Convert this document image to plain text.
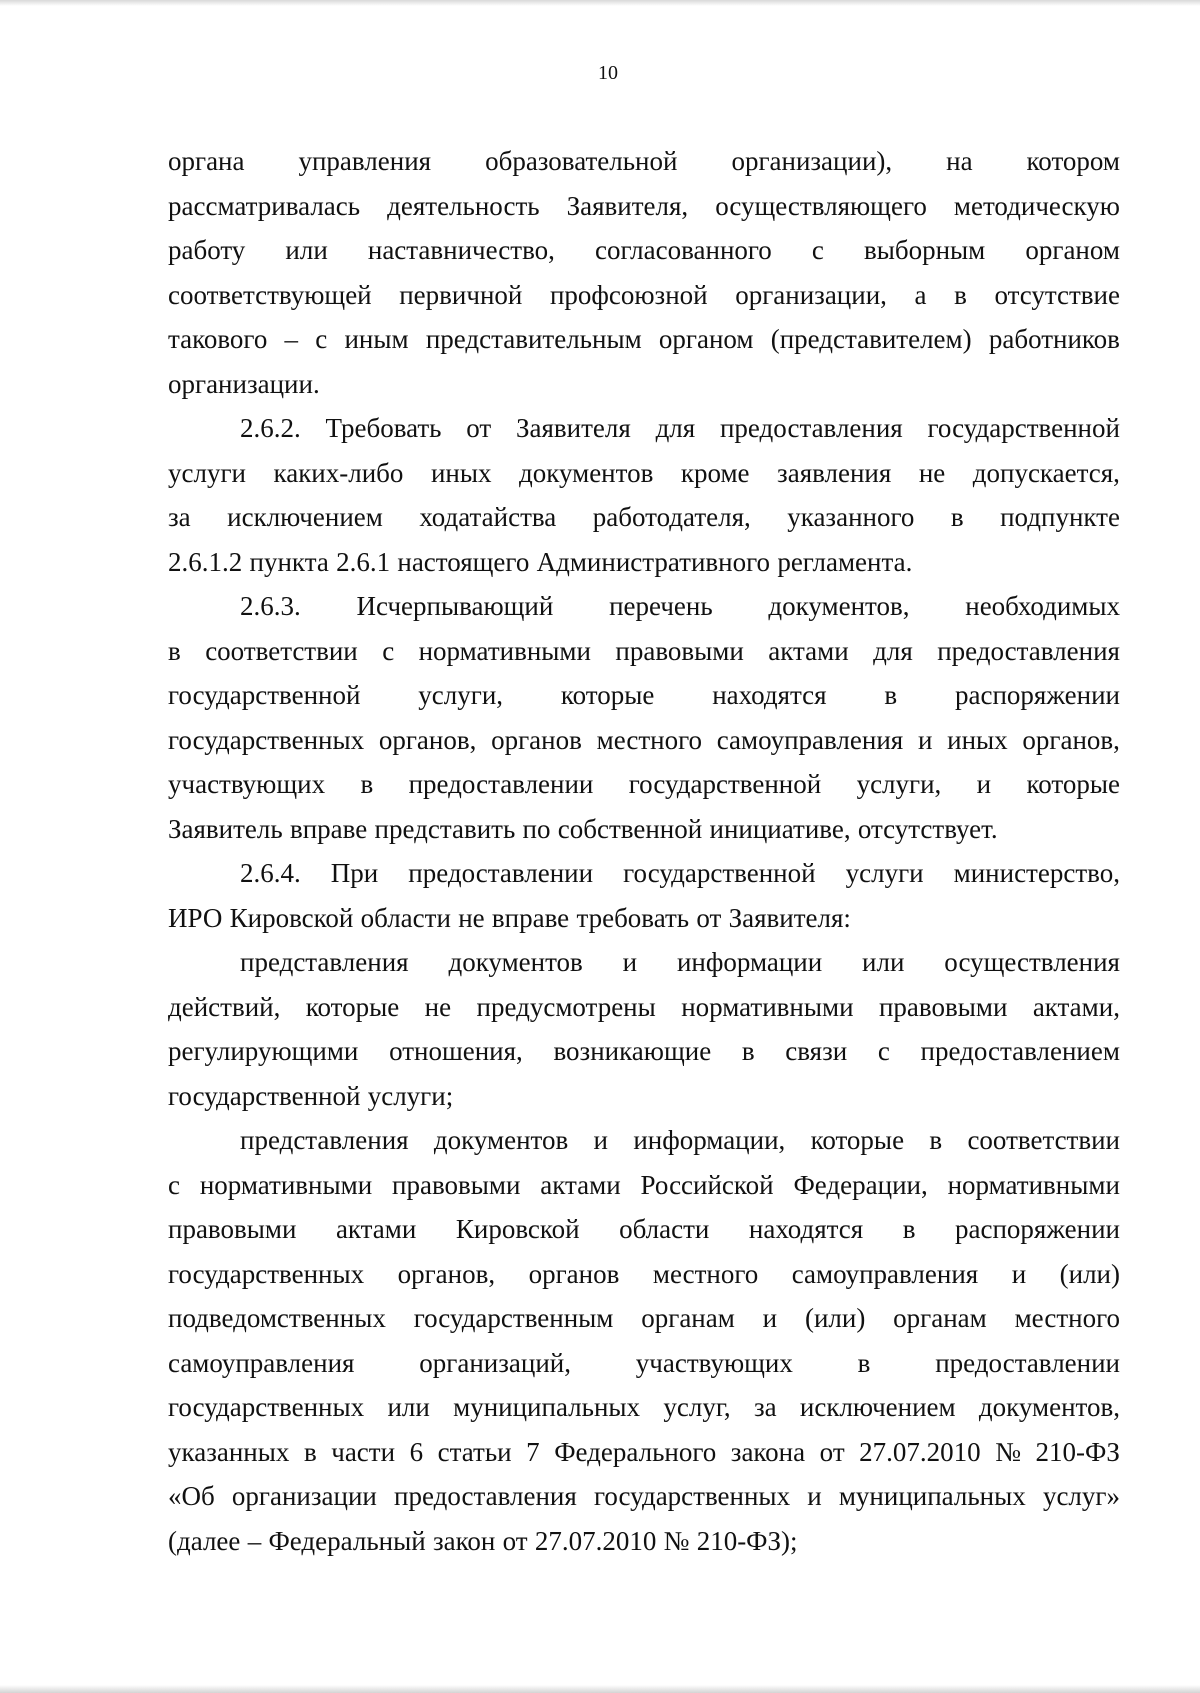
10
органа управления образовательной организации), на котором
рассматривалась деятельность Заявителя, осуществляющего методическую
работу или наставничество, согласованного с выборным органом
соответствующей первичной профсоюзной организации, а в отсутствие
такового – с иным представительным органом (представителем) работников
организации.
2.6.2. Требовать от Заявителя для предоставления государственной
услуги каких-либо иных документов кроме заявления не допускается,
за исключением ходатайства работодателя, указанного в подпункте
2.6.1.2 пункта 2.6.1 настоящего Административного регламента.
2.6.3. Исчерпывающий перечень документов, необходимых
в соответствии с нормативными правовыми актами для предоставления
государственной услуги, которые находятся в распоряжении
государственных органов, органов местного самоуправления и иных органов,
участвующих в предоставлении государственной услуги, и которые
Заявитель вправе представить по собственной инициативе, отсутствует.
2.6.4. При предоставлении государственной услуги министерство,
ИРО Кировской области не вправе требовать от Заявителя:
представления документов и информации или осуществления
действий, которые не предусмотрены нормативными правовыми актами,
регулирующими отношения, возникающие в связи с предоставлением
государственной услуги;
представления документов и информации, которые в соответствии
с нормативными правовыми актами Российской Федерации, нормативными
правовыми актами Кировской области находятся в распоряжении
государственных органов, органов местного самоуправления и (или)
подведомственных государственным органам и (или) органам местного
самоуправления организаций, участвующих в предоставлении
государственных или муниципальных услуг, за исключением документов,
указанных в части 6 статьи 7 Федерального закона от 27.07.2010 № 210-ФЗ
«Об организации предоставления государственных и муниципальных услуг»
(далее – Федеральный закон от 27.07.2010 № 210-ФЗ);
